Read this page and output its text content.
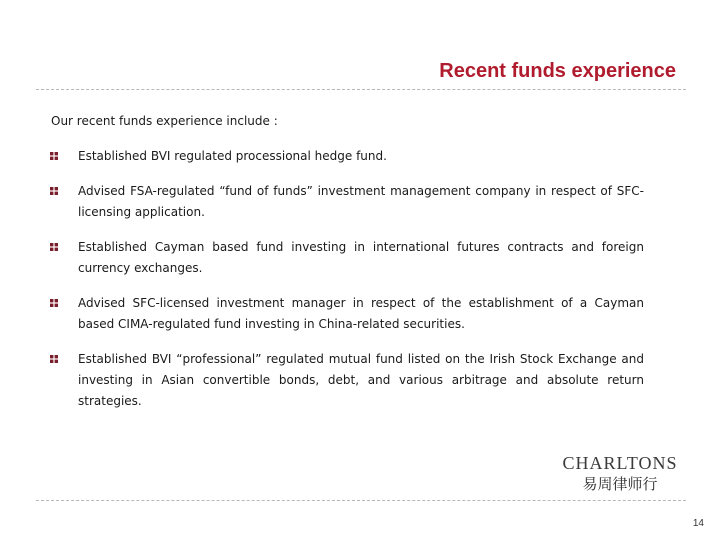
Recent funds experience
Our recent funds experience include :
Established BVI regulated processional hedge fund.
Advised FSA-regulated “fund of funds” investment management company in respect of SFC-licensing application.
Established Cayman based fund investing in international futures contracts and foreign currency exchanges.
Advised SFC-licensed investment manager in respect of the establishment of a Cayman based CIMA-regulated fund investing in China-related securities.
Established BVI “professional” regulated mutual fund listed on the Irish Stock Exchange and investing in Asian convertible bonds, debt, and various arbitrage and absolute return strategies.
CHARLTONS
易周律师行
14
